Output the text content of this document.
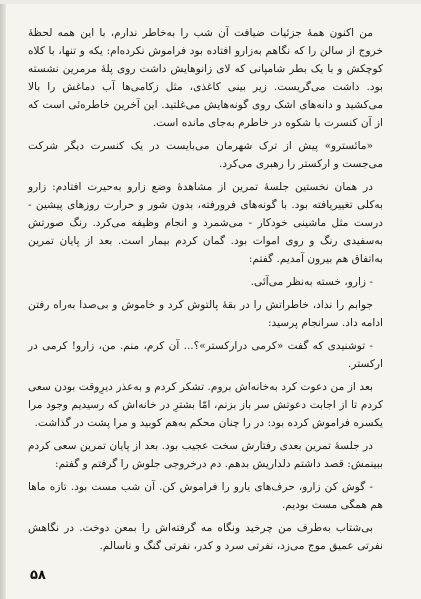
من اکنون همهٔ جزئیات ضیافت آن شب را به‌خاطر ندارم، با این همه لحظهٔ خروج از سالن را که نگاهم به‌زارو افتاده بود فراموش نکرده‌ام: یکه و تنها، با کلاه کوچکش و با یک بطر شامپانی که لای زانوهایش داشت روی پلهٔ مرمرین نشسته بود. داشت می‌گریست. زیر بینی کاغذی، مثل زکامی‌ها آب دماغش را بالا می‌کشید و دانه‌های اشک روی گونه‌هایش می‌غلتید. این آخرین خاطره‌ئی است که از آن کنسرت با شکوه در خاطرم به‌جای مانده است.

«مائسترو» پیش از ترک شهرمان می‌بایست در یک کنسرت دیگر شرکت می‌جست و ارکستر را رهبری می‌کرد.

در همان نخستین جلسهٔ تمرین از مشاهدهٔ وضع زارو به‌حیرت افتادم: زارو به‌کلی تغییریافته بود. با گونه‌های فرورفته، بدون شور و حرارت روزهای پیشین - درست مثل ماشینی خودکار - می‌شمرد و انجام وظیفه می‌کرد. رنگ صورتش به‌سفیدی رنگ و روی اموات بود. گمان کردم بیمار است. بعد از پایان تمرین به‌اتفاق هم بیرون آمدیم. گفتم:

- زارو، خسته به‌نظر می‌آئی.

جوابم را نداد، خاطراتش را در بقهٔ پالتوش کرد و خاموش و بی‌صدا به‌راه رفتن ادامه داد. سرانجام پرسید:

- توشنیدی که گفت «کرمی درارکستر»؟... آن کرم، منم. من، زارو! کرمی در ارکستر.

بعد از من دعوت کرد به‌خانه‌اش بروم. تشکر کردم و به‌عذر دیرِوقت بودن سعی کردم تا از اجابت دعوتش سر باز بزنم، امّا بشترِ در خانه‌اش که رسیدیم وجود مرا یکسره فراموش کرده بود: در را چنان محکم به‌هم کوبید و مرا پشت در گذاشت.

در جلسهٔ تمرین بعدی رفتارش سخت عجیب بود. بعد از پایان تمرین سعی کردم ببینمش: قصد داشتم دلداریش بدهم. دم درخروجی جلوش را گرفتم و گفتم:

- گوش کن زارو، حرف‌های یارو را فراموش کن. آن شب مست بود. تازه ماها هم همگی مست بودیم.

بی‌شتاب به‌طرف من چرخید ونگاه مه گرفته‌اش را بمعن دوخت. در نگاهش نفرتی عمیق موج می‌زد، نفرتی سرد و کدر، نفرتی گنگ و ناسالم.

۵۸
